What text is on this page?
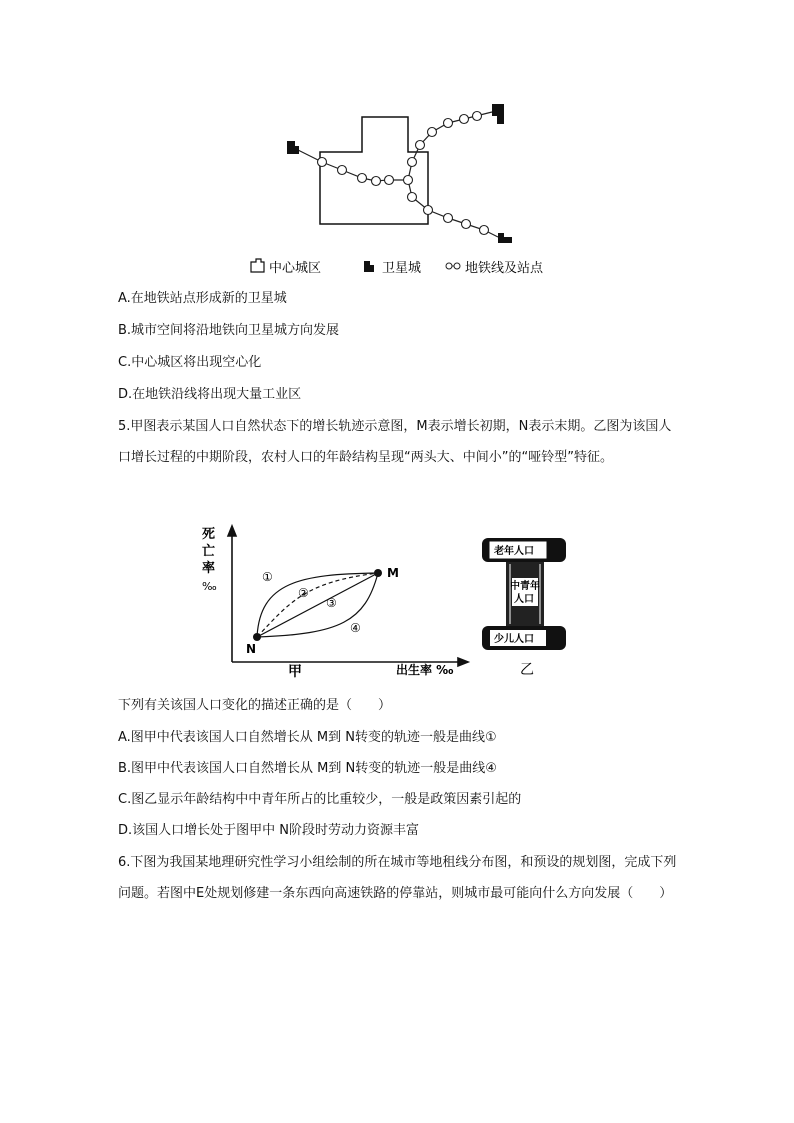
中心城区	卫星城	地铁线及站点
A.在地铁站点形成新的卫星城
B.城市空间将沿地铁向卫星城方向发展
C.中心城区将出现空心化
D.在地铁沿线将出现大量工业区
5.甲图表示某国人口自然状态下的增长轨迹示意图，M表示增长初期，N表示末期。乙图为该国人口增长过程的中期阶段，农村人口的年龄结构呈现“两头大、中间小”的“哑铃型”特征。
死
亡
率
‰
M
N
①
②
③
④
出生率 ‰
甲
老年人口
中青年
人口
少儿人口
乙
下列有关该国人口变化的描述正确的是（　　）
A.图甲中代表该国人口自然增长从 M到 N转变的轨迹一般是曲线①
B.图甲中代表该国人口自然增长从 M到 N转变的轨迹一般是曲线④
C.图乙显示年龄结构中中青年所占的比重较少，一般是政策因素引起的
D.该国人口增长处于图甲中 N阶段时劳动力资源丰富
6.下图为我国某地理研究性学习小组绘制的所在城市等地租线分布图，和预设的规划图，完成下列问题。若图中E处规划修建一条东西向高速铁路的停靠站，则城市最可能向什么方向发展（　　）
